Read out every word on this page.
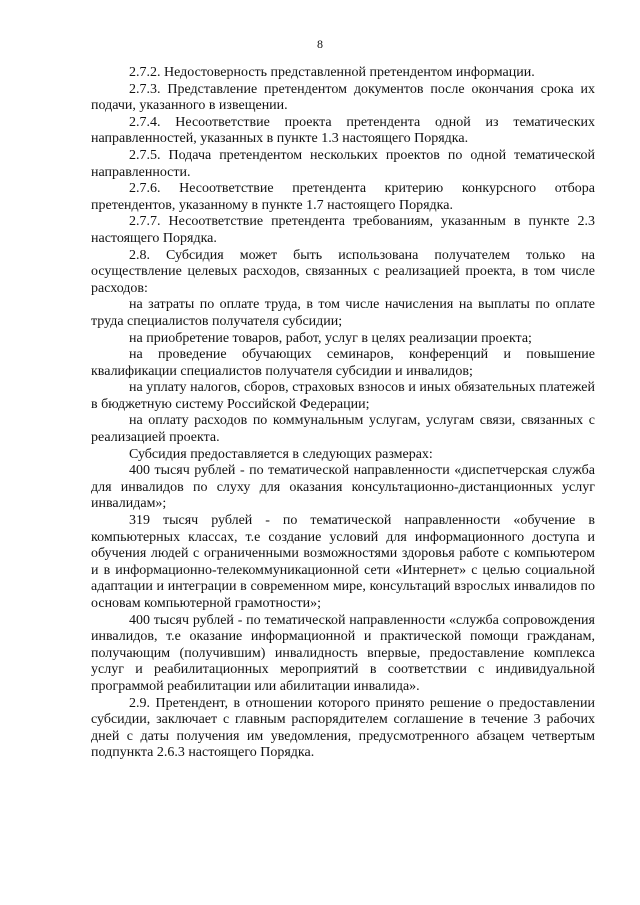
8

2.7.2. Недостоверность представленной претендентом информации.

2.7.3. Представление претендентом документов после окончания срока их подачи, указанного в извещении.

2.7.4. Несоответствие проекта претендента одной из тематических направленностей, указанных в пункте 1.3 настоящего Порядка.

2.7.5. Подача претендентом нескольких проектов по одной тематической направленности.

2.7.6. Несоответствие претендента критерию конкурсного отбора претендентов, указанному в пункте 1.7 настоящего Порядка.

2.7.7. Несоответствие претендента требованиям, указанным в пункте 2.3 настоящего Порядка.

2.8. Субсидия может быть использована получателем только на осуществление целевых расходов, связанных с реализацией проекта, в том числе расходов:

на затраты по оплате труда, в том числе начисления на выплаты по оплате труда специалистов получателя субсидии;

на приобретение товаров, работ, услуг в целях реализации проекта;

на проведение обучающих семинаров, конференций и повышение квалификации специалистов получателя субсидии и инвалидов;

на уплату налогов, сборов, страховых взносов и иных обязательных платежей в бюджетную систему Российской Федерации;

на оплату расходов по коммунальным услугам, услугам связи, связанных с реализацией проекта.

Субсидия предоставляется в следующих размерах:

400 тысяч рублей - по тематической направленности «диспетчерская служба для инвалидов по слуху для оказания консультационно-дистанционных услуг инвалидам»;

319 тысяч рублей - по тематической направленности «обучение в компьютерных классах, т.е создание условий для информационного доступа и обучения людей с ограниченными возможностями здоровья работе с компьютером и в информационно-телекоммуникационной сети «Интернет» с целью социальной адаптации и интеграции в современном мире, консультаций взрослых инвалидов по основам компьютерной грамотности»;

400 тысяч рублей - по тематической направленности «служба сопровождения инвалидов, т.е оказание информационной и практической помощи гражданам, получающим (получившим) инвалидность впервые, предоставление комплекса услуг и реабилитационных мероприятий в соответствии с индивидуальной программой реабилитации или абилитации инвалида».

2.9. Претендент, в отношении которого принято решение о предоставлении субсидии, заключает с главным распорядителем соглашение в течение 3 рабочих дней с даты получения им уведомления, предусмотренного абзацем четвертым подпункта 2.6.3 настоящего Порядка.
